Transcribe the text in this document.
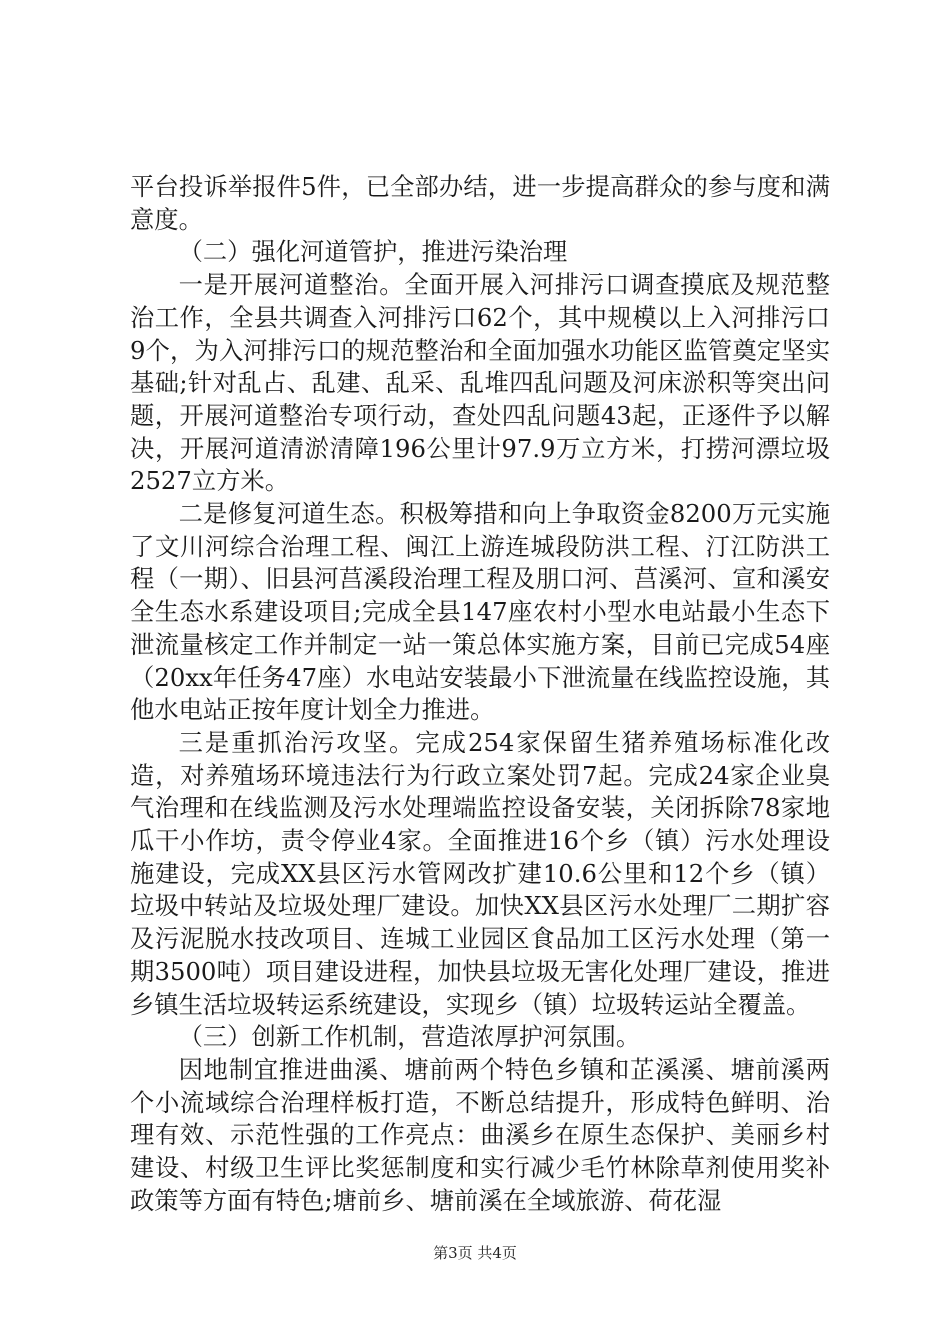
平台投诉举报件5件，已全部办结，进一步提高群众的参与度和满意度。

（二）强化河道管护，推进污染治理

一是开展河道整治。全面开展入河排污口调查摸底及规范整治工作，全县共调查入河排污口62个，其中规模以上入河排污口9个，为入河排污口的规范整治和全面加强水功能区监管奠定坚实基础;针对乱占、乱建、乱采、乱堆四乱问题及河床淤积等突出问题，开展河道整治专项行动，查处四乱问题43起，正逐件予以解决，开展河道清淤清障196公里计97.9万立方米，打捞河漂垃圾2527立方米。

二是修复河道生态。积极筹措和向上争取资金8200万元实施了文川河综合治理工程、闽江上游连城段防洪工程、汀江防洪工程（一期）、旧县河莒溪段治理工程及朋口河、莒溪河、宣和溪安全生态水系建设项目;完成全县147座农村小型水电站最小生态下泄流量核定工作并制定一站一策总体实施方案，目前已完成54座（20xx年任务47座）水电站安装最小下泄流量在线监控设施，其他水电站正按年度计划全力推进。

三是重抓治污攻坚。完成254家保留生猪养殖场标准化改造，对养殖场环境违法行为行政立案处罚7起。完成24家企业臭气治理和在线监测及污水处理端监控设备安装，关闭拆除78家地瓜干小作坊，责令停业4家。全面推进16个乡（镇）污水处理设施建设，完成XX县区污水管网改扩建10.6公里和12个乡（镇）垃圾中转站及垃圾处理厂建设。加快XX县区污水处理厂二期扩容及污泥脱水技改项目、连城工业园区食品加工区污水处理（第一期3500吨）项目建设进程，加快县垃圾无害化处理厂建设，推进乡镇生活垃圾转运系统建设，实现乡（镇）垃圾转运站全覆盖。

（三）创新工作机制，营造浓厚护河氛围。

因地制宜推进曲溪、塘前两个特色乡镇和芷溪溪、塘前溪两个小流域综合治理样板打造，不断总结提升，形成特色鲜明、治理有效、示范性强的工作亮点：曲溪乡在原生态保护、美丽乡村建设、村级卫生评比奖惩制度和实行减少毛竹林除草剂使用奖补政策等方面有特色;塘前乡、塘前溪在全域旅游、荷花湿

第3页 共4页
